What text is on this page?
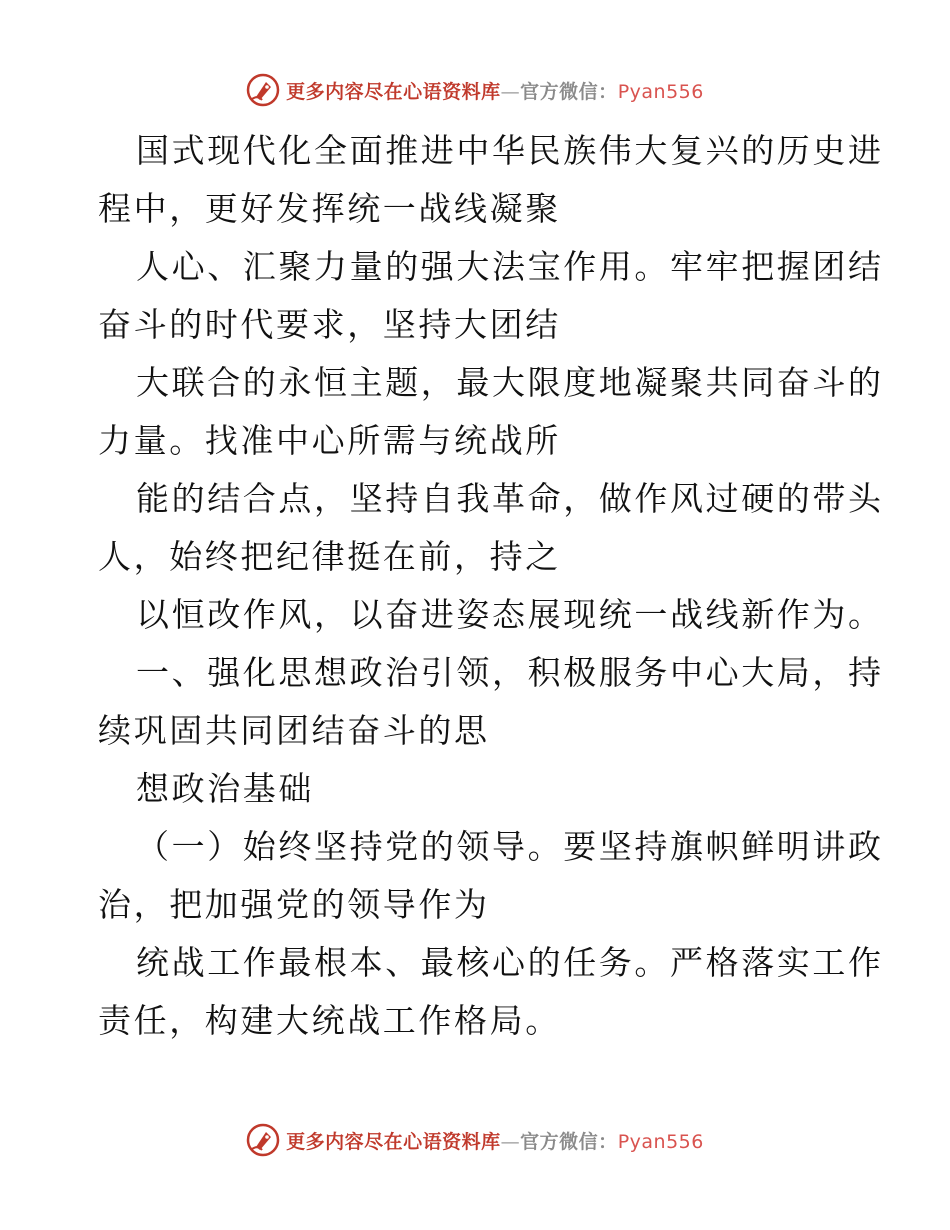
更多内容尽在心语资料库—官方微信：Pyan556
国式现代化全面推进中华民族伟大复兴的历史进
程中，更好发挥统一战线凝聚
人心、汇聚力量的强大法宝作用。牢牢把握团结
奋斗的时代要求，坚持大团结
大联合的永恒主题，最大限度地凝聚共同奋斗的
力量。找准中心所需与统战所
能的结合点，坚持自我革命，做作风过硬的带头
人，始终把纪律挺在前，持之
以恒改作风，以奋进姿态展现统一战线新作为。
一、强化思想政治引领，积极服务中心大局，持
续巩固共同团结奋斗的思
想政治基础
（一）始终坚持党的领导。要坚持旗帜鲜明讲政
治，把加强党的领导作为
统战工作最根本、最核心的任务。严格落实工作
责任，构建大统战工作格局。
更多内容尽在心语资料库—官方微信：Pyan556
